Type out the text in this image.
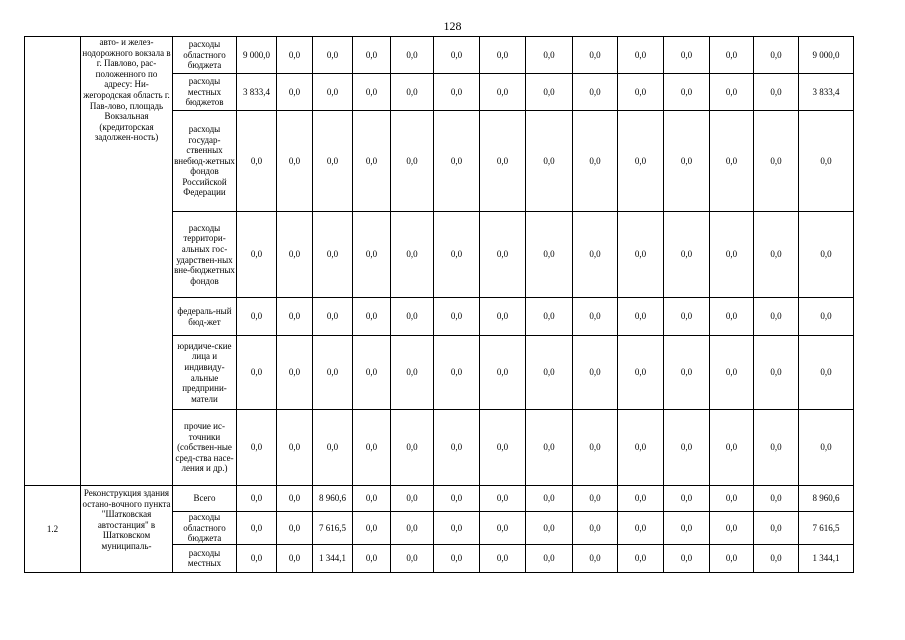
128
	авто- и желез-нодорожного вокзала в г. Павлово, рас-положенного по адресу: Ни-жегородская область г. Пав-лово, площадь Вокзальная (кредиторская задолжен-ность)	расходы областного бюджета	9 000,0	0,0	0,0	0,0	0,0	0,0	0,0	0,0	0,0	0,0	0,0	0,0	0,0	9 000,0
		расходы местных бюджетов	3 833,4	0,0	0,0	0,0	0,0	0,0	0,0	0,0	0,0	0,0	0,0	0,0	0,0	3 833,4
		расходы государ-ственных внебюд-жетных фондов Российской Федерации	0,0	0,0	0,0	0,0	0,0	0,0	0,0	0,0	0,0	0,0	0,0	0,0	0,0	0,0
		расходы территори-альных гос-ударствен-ных вне-бюджетных фондов	0,0	0,0	0,0	0,0	0,0	0,0	0,0	0,0	0,0	0,0	0,0	0,0	0,0	0,0
		федераль-ный бюд-жет	0,0	0,0	0,0	0,0	0,0	0,0	0,0	0,0	0,0	0,0	0,0	0,0	0,0	0,0
		юридиче-ские лица и индивиду-альные предприни-матели	0,0	0,0	0,0	0,0	0,0	0,0	0,0	0,0	0,0	0,0	0,0	0,0	0,0	0,0
		прочие ис-точники (собствен-ные сред-ства насе-ления и др.)	0,0	0,0	0,0	0,0	0,0	0,0	0,0	0,0	0,0	0,0	0,0	0,0	0,0	0,0
1.2	Реконструкция здания остано-вочного пункта "Шатковская автостанция" в Шатковском муниципаль-	Всего	0,0	0,0	8 960,6	0,0	0,0	0,0	0,0	0,0	0,0	0,0	0,0	0,0	0,0	8 960,6
		расходы областного бюджета	0,0	0,0	7 616,5	0,0	0,0	0,0	0,0	0,0	0,0	0,0	0,0	0,0	0,0	7 616,5
		расходы местных	0,0	0,0	1 344,1	0,0	0,0	0,0	0,0	0,0	0,0	0,0	0,0	0,0	0,0	1 344,1
